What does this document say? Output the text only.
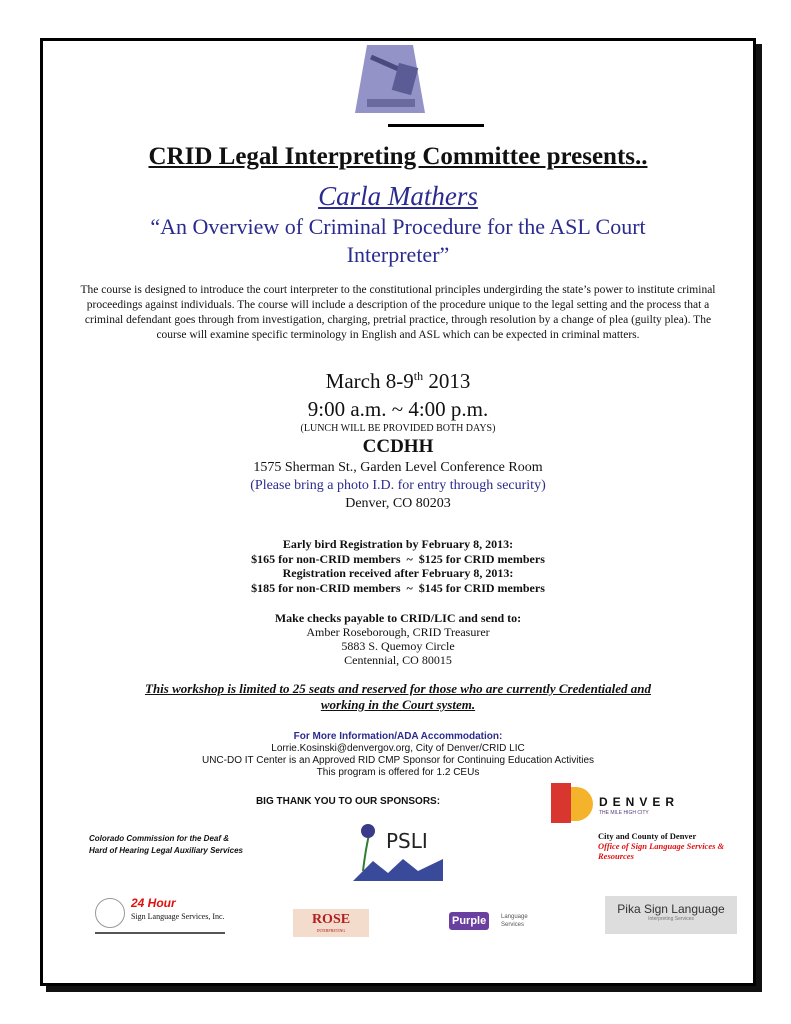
CRID Legal Interpreting Committee presents..
Carla Mathers
“An Overview of Criminal Procedure for the ASL Court Interpreter”
The course is designed to introduce the court interpreter to the constitutional principles undergirding the state’s power to institute criminal proceedings against individuals. The course will include a description of the procedure unique to the legal setting and the process that a criminal defendant goes through from investigation, charging, pretrial practice, through resolution by a change of plea (guilty plea). The course will examine specific terminology in English and ASL which can be expected in criminal matters.
March 8-9th 2013
9:00 a.m. ~ 4:00 p.m.
(LUNCH WILL BE PROVIDED BOTH DAYS)
CCDHH
1575 Sherman St., Garden Level Conference Room
(Please bring a photo I.D. for entry through security)
Denver, CO 80203
Early bird Registration by February 8, 2013:
$165 for non-CRID members  ~  $125 for CRID members
Registration received after February 8, 2013:
$185 for non-CRID members  ~  $145 for CRID members
Make checks payable to CRID/LIC and send to:
Amber Roseborough, CRID Treasurer
5883 S. Quemoy Circle
Centennial, CO 80015
This workshop is limited to 25 seats and reserved for those who are currently Credentialed and working in the Court system.
For More Information/ADA Accommodation:
Lorrie.Kosinski@denvergov.org, City of Denver/CRID LIC
UNC-DO IT Center is an Approved RID CMP Sponsor for Continuing Education Activities
This program is offered for 1.2 CEUs
BIG THANK YOU TO OUR SPONSORS:	DENVER
THE MILE HIGH CITY
City and County of Denver
Office of Sign Language Services & Resources
Colorado Commission for the Deaf &
Hard of Hearing Legal Auxiliary Services	PSLI
24 Hour
Sign Language Services, Inc.	ROSE
INTERPRETING
Purple Language Services
Pika Sign Language
Interpreting Services
